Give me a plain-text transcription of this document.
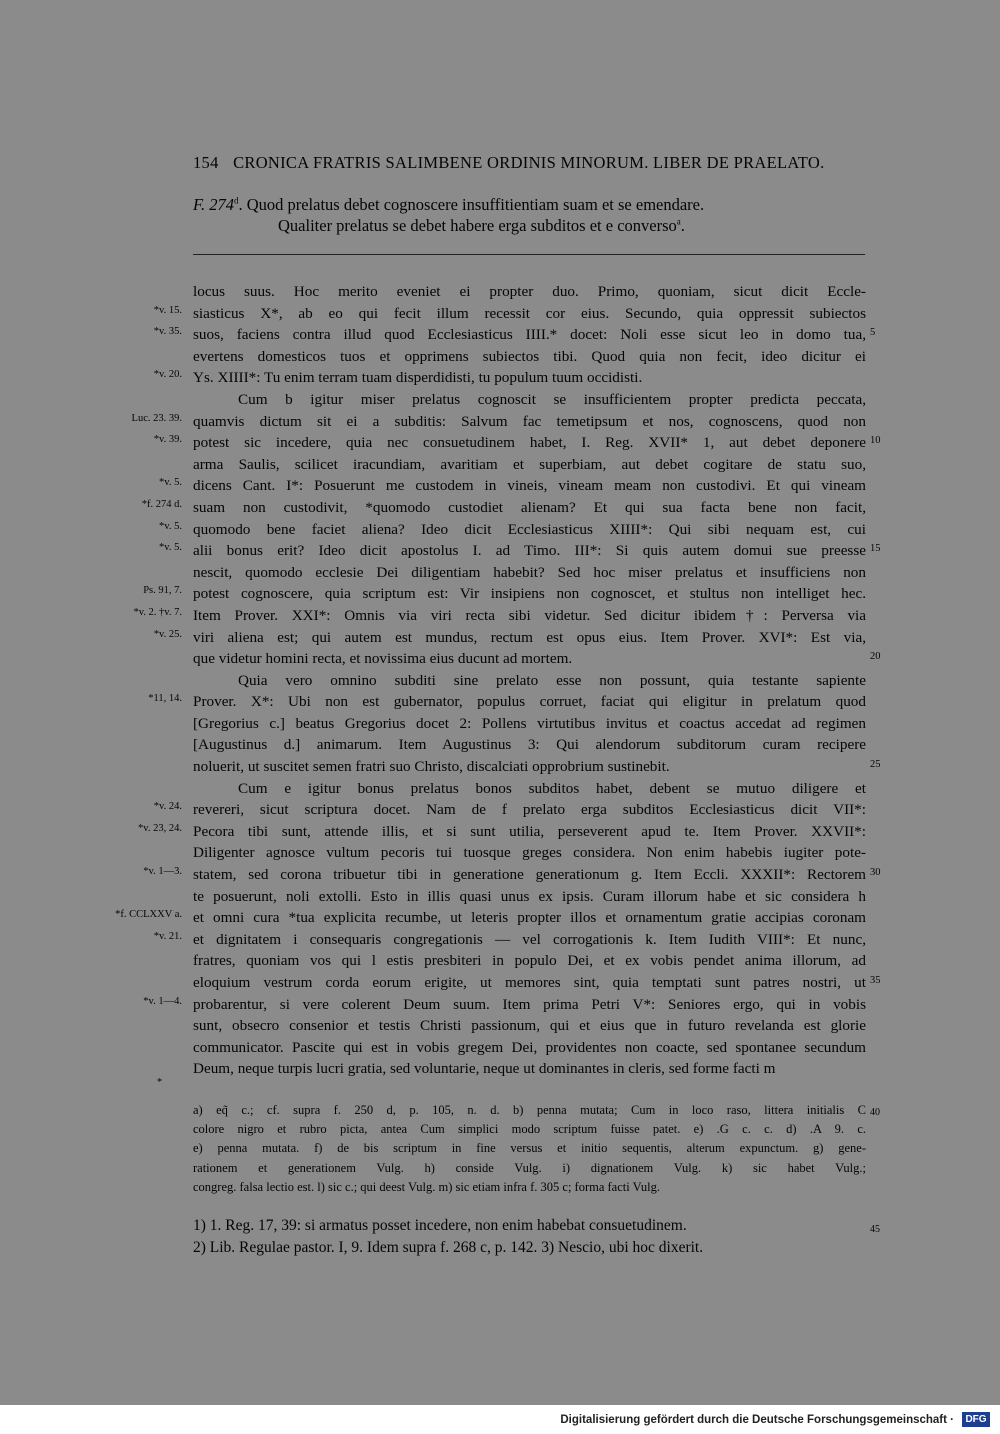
154 CRONICA FRATRIS SALIMBENE ORDINIS MINORUM. LIBER DE PRAELATO.
F. 274$^d$. Quod prelatus debet cognoscere insuffitientiam suam et se emendare.
Qualiter prelatus se debet habere erga subditos et e converso$^a$.
locus suus. Hoc merito eveniet ei propter duo. Primo, quoniam, sicut dicit Eccle-
*v. 15. siasticus X*, ab eo qui fecit illum recessit cor eius. Secundo, quia oppressit subiectos
*v. 35. suos, faciens contra illud quod Ecclesiasticus IIII.* docet: Noli esse sicut leo in domo tua, 5
evertens domesticos tuos et opprimens subiectos tibi. Quod quia non fecit, ideo dicitur ei
*v. 20. Ys. XIIII*: Tu enim terram tuam disperdidisti, tu populum tuum occidisti.
Cum b igitur miser prelatus cognoscit se insufficientem propter predicta peccata,
Luc. 23. 39. quamvis dictum sit ei a subditis: Salvum fac temetipsum et nos, cognoscens, quod non
*v. 39. potest sic incedere, quia nec consuetudinem habet, I. Reg. XVII* 1, aut debet deponere 10
arma Saulis, scilicet iracundiam, avaritiam et superbiam, aut debet cogitare de statu suo,
*v. 5. dicens Cant. I*: Posuerunt me custodem in vineis, vineam meam non custodivi. Et qui vineam
*f. 274 d. suam non custodivit, *quomodo custodiet alienam? Et qui sua facta bene non facit,
*v. 5. quomodo bene faciet aliena? Ideo dicit Ecclesiasticus XIIII*: Qui sibi nequam est, cui
*v. 5. alii bonus erit? Ideo dicit apostolus I. ad Timo. III*: Si quis autem domui sue preesse 15
nescit, quomodo ecclesie Dei diligentiam habebit? Sed hoc miser prelatus et insufficiens non
Ps. 91, 7. potest cognoscere, quia scriptum est: Vir insipiens non cognoscet, et stultus non intelliget hec.
*v. 2. †v. 7. Item Prover. XXI*: Omnis via viri recta sibi videtur. Sed dicitur ibidem†: Perversa via
*v. 25. viri aliena est; qui autem est mundus, rectum est opus eius. Item Prover. XVI*: Est via,
que videtur homini recta, et novissima eius ducunt ad mortem.	20
Quia vero omnino subditi sine prelato esse non possunt, quia testante sapiente
*11, 14. Prover. X*: Ubi non est gubernator, populus corruet, faciat qui eligitur in prelatum quod
[Gregorius c.] beatus Gregorius docet 2: Pollens virtutibus invitus et coactus accedat ad regimen
[Augustinus d.] animarum. Item Augustinus 3: Qui alendorum subditorum curam recipere
noluerit, ut suscitet semen fratri suo Christo, discalciati opprobrium sustinebit.	25
Cum e igitur bonus prelatus bonos subditos habet, debent se mutuo diligere et
*v. 24. revereri, sicut scriptura docet. Nam de f prelato erga subditos Ecclesiasticus dicit VII*:
*v. 23, 24. Pecora tibi sunt, attende illis, et si sunt utilia, perseverent apud te. Item Prover. XXVII*:
Diligenter agnosce vultum pecoris tui tuosque greges considera. Non enim habebis iugiter pote-
*v. 1—3. statem, sed corona tribuetur tibi in generatione generationum g. Item Eccli. XXXII*: Rectorem 30
te posuerunt, noli extolli. Esto in illis quasi unus ex ipsis. Curam illorum habe et sic considera h
*f. CCLXXV a. et omni cura *tua explicita recumbe, ut leteris propter illos et ornamentum gratie accipias coronam
*v. 21. et dignitatem i consequaris congregationis — vel corrogationis k. Item Iudith VIII*: Et nunc,
fratres, quoniam vos qui l estis presbiteri in populo Dei, et ex vobis pendet anima illorum, ad
eloquium vestrum corda eorum erigite, ut memores sint, quia temptati sunt patres nostri, ut 35
*v. 1—4. probarentur, si vere colerent Deum suum. Item prima Petri V*: Seniores ergo, qui in vobis
sunt, obsecro consenior et testis Christi passionum, qui et eius que in futuro revelanda est glorie
communicator. Pascite qui est in vobis gregem Dei, providentes non coacte, sed spontanee secundum
Deum, neque turpis lucri gratia, sed voluntarie, neque ut dominantes in cleris, sed forme facti m
*
a) eq̃ c.; cf. supra f. 250 d, p. 105, n. d. b) penna mutata; Cum in loco raso, littera initialis C 40
colore nigro et rubro picta, antea Cum simplici modo scriptum fuisse patet. e) .G c. c. d) .A 9. c.
e) penna mutata. f) de bis scriptum in fine versus et initio sequentis, alterum expunctum. g) gene-
rationem et generationem Vulg. h) conside Vulg. i) dignationem Vulg. k) sic habet Vulg.;
congreg. falsa lectio est. l) sic c.; qui deest Vulg. m) sic etiam infra f. 305 c; forma facti Vulg.
1) 1. Reg. 17, 39: si armatus posset incedere, non enim habebat consuetudinem.	45
2) Lib. Regulae pastor. I, 9. Idem supra f. 268 c, p. 142. 3) Nescio, ubi hoc dixerit.
Digitalisierung gefördert durch die Deutsche Forschungsgemeinschaft ·	DFG
